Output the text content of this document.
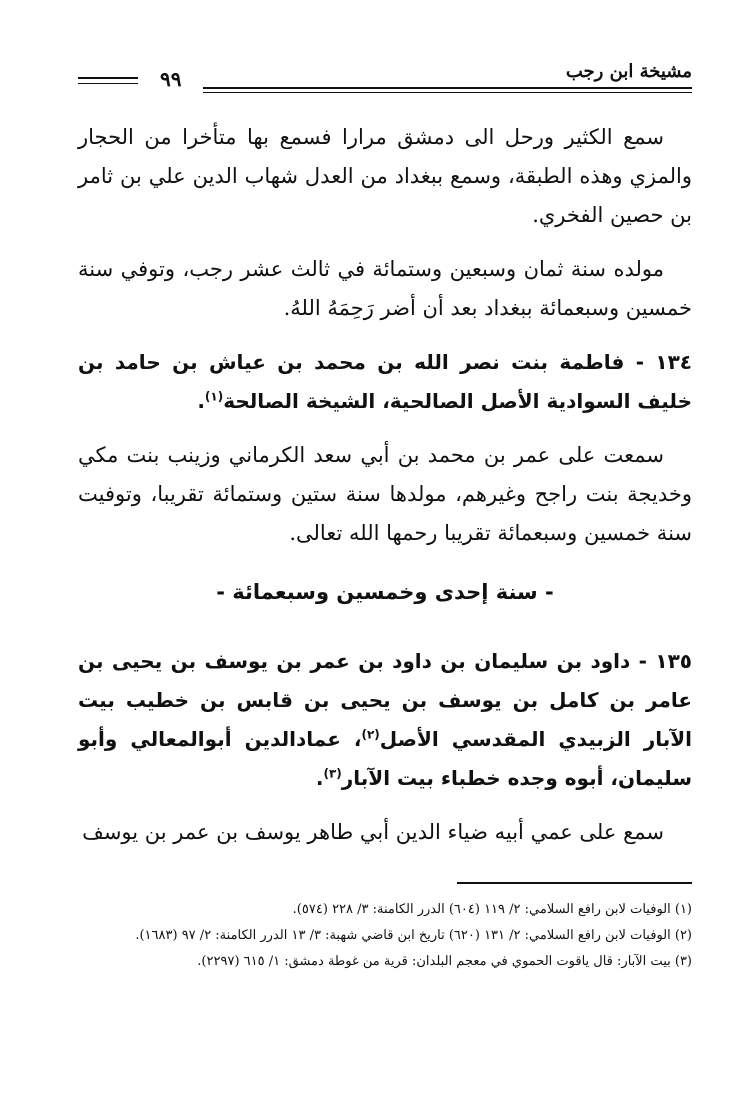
مشيخة ابن رجب
٩٩

سمع الكثير ورحل الى دمشق مرارا فسمع بها متأخرا من الحجار والمزي وهذه الطبقة، وسمع ببغداد من العدل شهاب الدين علي بن ثامر بن حصين الفخري.

مولده سنة ثمان وسبعين وستمائة في ثالث عشر رجب، وتوفي سنة خمسين وسبعمائة ببغداد بعد أن أضر رَحِمَهُ اللهُ.

١٣٤ - فاطمة بنت نصر الله بن محمد بن عياش بن حامد بن خليف السوادية الأصل الصالحية، الشيخة الصالحة$^{(١)}$.

سمعت على عمر بن محمد بن أبي سعد الكرماني وزينب بنت مكي وخديجة بنت راجح وغيرهم، مولدها سنة ستين وستمائة تقريبا، وتوفيت سنة خمسين وسبعمائة تقريبا رحمها الله تعالى.

- سنة إحدى وخمسين وسبعمائة -

١٣٥ - داود بن سليمان بن داود بن عمر بن يوسف بن يحيى بن عامر بن كامل بن يوسف بن يحيى بن قابس بن خطيب بيت الآبار الزبيدي المقدسي الأصل$^{(٢)}$، عمادالدين أبوالمعالي وأبو سليمان، أبوه وجده خطباء بيت الآبار$^{(٣)}$.

سمع على عمي أبيه ضياء الدين أبي طاهر يوسف بن عمر بن يوسف

(١) الوفيات لابن رافع السلامي: ٢/ ١١٩ (٦٠٤) الدرر الكامنة: ٣/ ٢٢٨ (٥٧٤).

(٢) الوفيات لابن رافع السلامي: ٢/ ١٣١ (٦٢٠) تاريخ ابن قاضي شهبة: ٣/ ١٣ الدرر الكامنة: ٢/ ٩٧ (١٦٨٣).

(٣) بيت الآبار: قال ياقوت الحموي في معجم البلدان: قرية من غوطة دمشق: ١/ ٦١٥ (٢٢٩٧).
